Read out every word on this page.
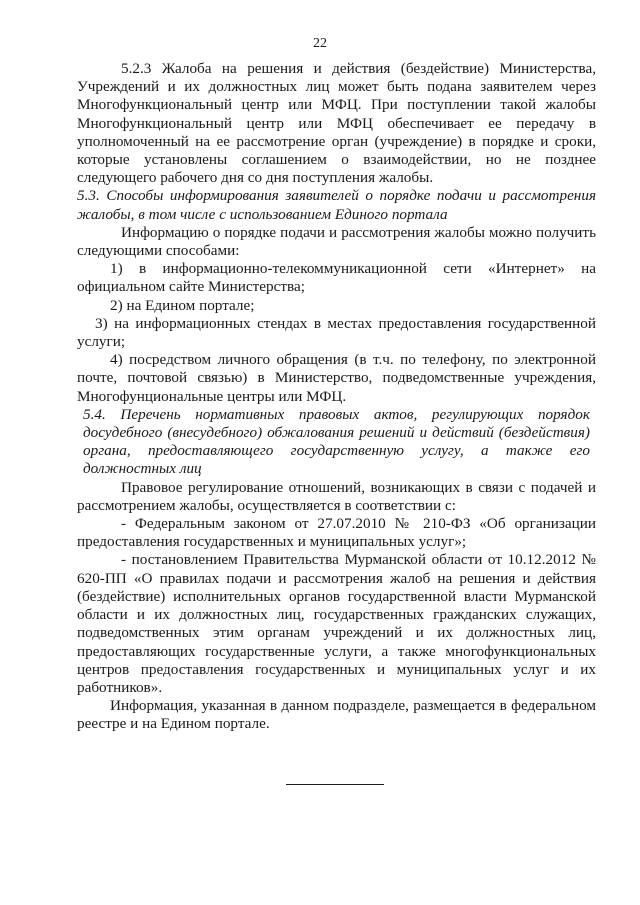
22

5.2.3 Жалоба на решения и действия (бездействие) Министерства, Учреждений и их должностных лиц может быть подана заявителем через Многофункциональный центр или МФЦ. При поступлении такой жалобы Многофункциональный центр или МФЦ обеспечивает ее передачу в уполномоченный на ее рассмотрение орган (учреждение) в порядке и сроки, которые установлены соглашением о взаимодействии, но не позднее следующего рабочего дня со дня поступления жалобы.

5.3. Способы информирования заявителей о порядке подачи и рассмотрения жалобы, в том числе с использованием Единого портала

Информацию о порядке подачи и рассмотрения жалобы можно получить следующими способами:

1) в информационно-телекоммуникационной сети «Интернет» на официальном сайте Министерства;

2) на Едином портале;

3) на информационных стендах в местах предоставления государственной услуги;

4) посредством личного обращения (в т.ч. по телефону, по электронной почте, почтовой связью) в Министерство, подведомственные учреждения, Многофунциональные центры или МФЦ.

5.4. Перечень нормативных правовых актов, регулирующих порядок досудебного (внесудебного) обжалования решений и действий (бездействия) органа, предоставляющего государственную услугу, а также его должностных лиц

Правовое регулирование отношений, возникающих в связи с подачей и рассмотрением жалобы, осуществляется в соответствии с:

- Федеральным законом от 27.07.2010 № 210-ФЗ «Об организации предоставления государственных и муниципальных услуг»;

- постановлением Правительства Мурманской области от 10.12.2012 № 620-ПП «О правилах подачи и рассмотрения жалоб на решения и действия (бездействие) исполнительных органов государственной власти Мурманской области и их должностных лиц, государственных гражданских служащих, подведомственных этим органам учреждений и их должностных лиц, предоставляющих государственные услуги, а также многофункциональных центров предоставления государственных и муниципальных услуг и их работников».

Информация, указанная в данном подразделе, размещается в федеральном реестре и на Едином портале.
